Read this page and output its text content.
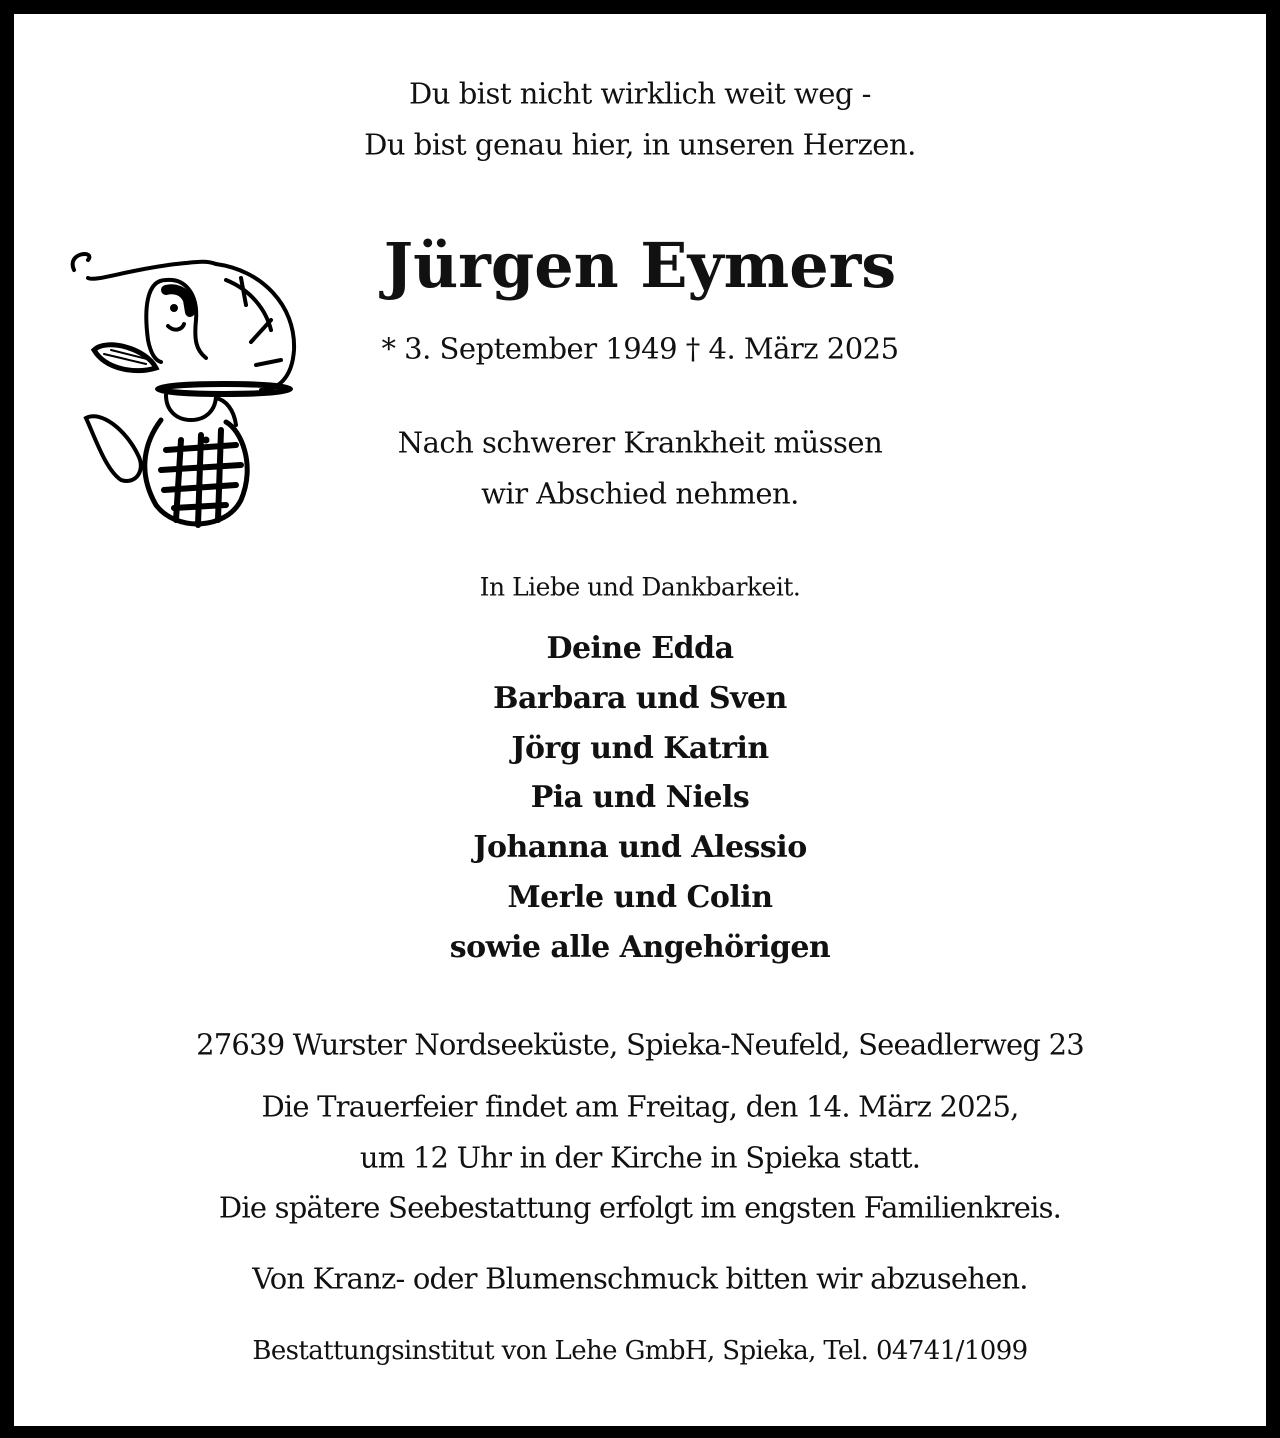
Du bist nicht wirklich weit weg -
Du bist genau hier, in unseren Herzen.
Jürgen Eymers
* 3. September 1949 † 4. März 2025
Nach schwerer Krankheit müssen
wir Abschied nehmen.
In Liebe und Dankbarkeit.
Deine Edda
Barbara und Sven
Jörg und Katrin
Pia und Niels
Johanna und Alessio
Merle und Colin
sowie alle Angehörigen
27639 Wurster Nordseeküste, Spieka-Neufeld, Seeadlerweg 23
Die Trauerfeier findet am Freitag, den 14. März 2025,
um 12 Uhr in der Kirche in Spieka statt.
Die spätere Seebestattung erfolgt im engsten Familienkreis.
Von Kranz- oder Blumenschmuck bitten wir abzusehen.
Bestattungsinstitut von Lehe GmbH, Spieka, Tel. 04741/1099
